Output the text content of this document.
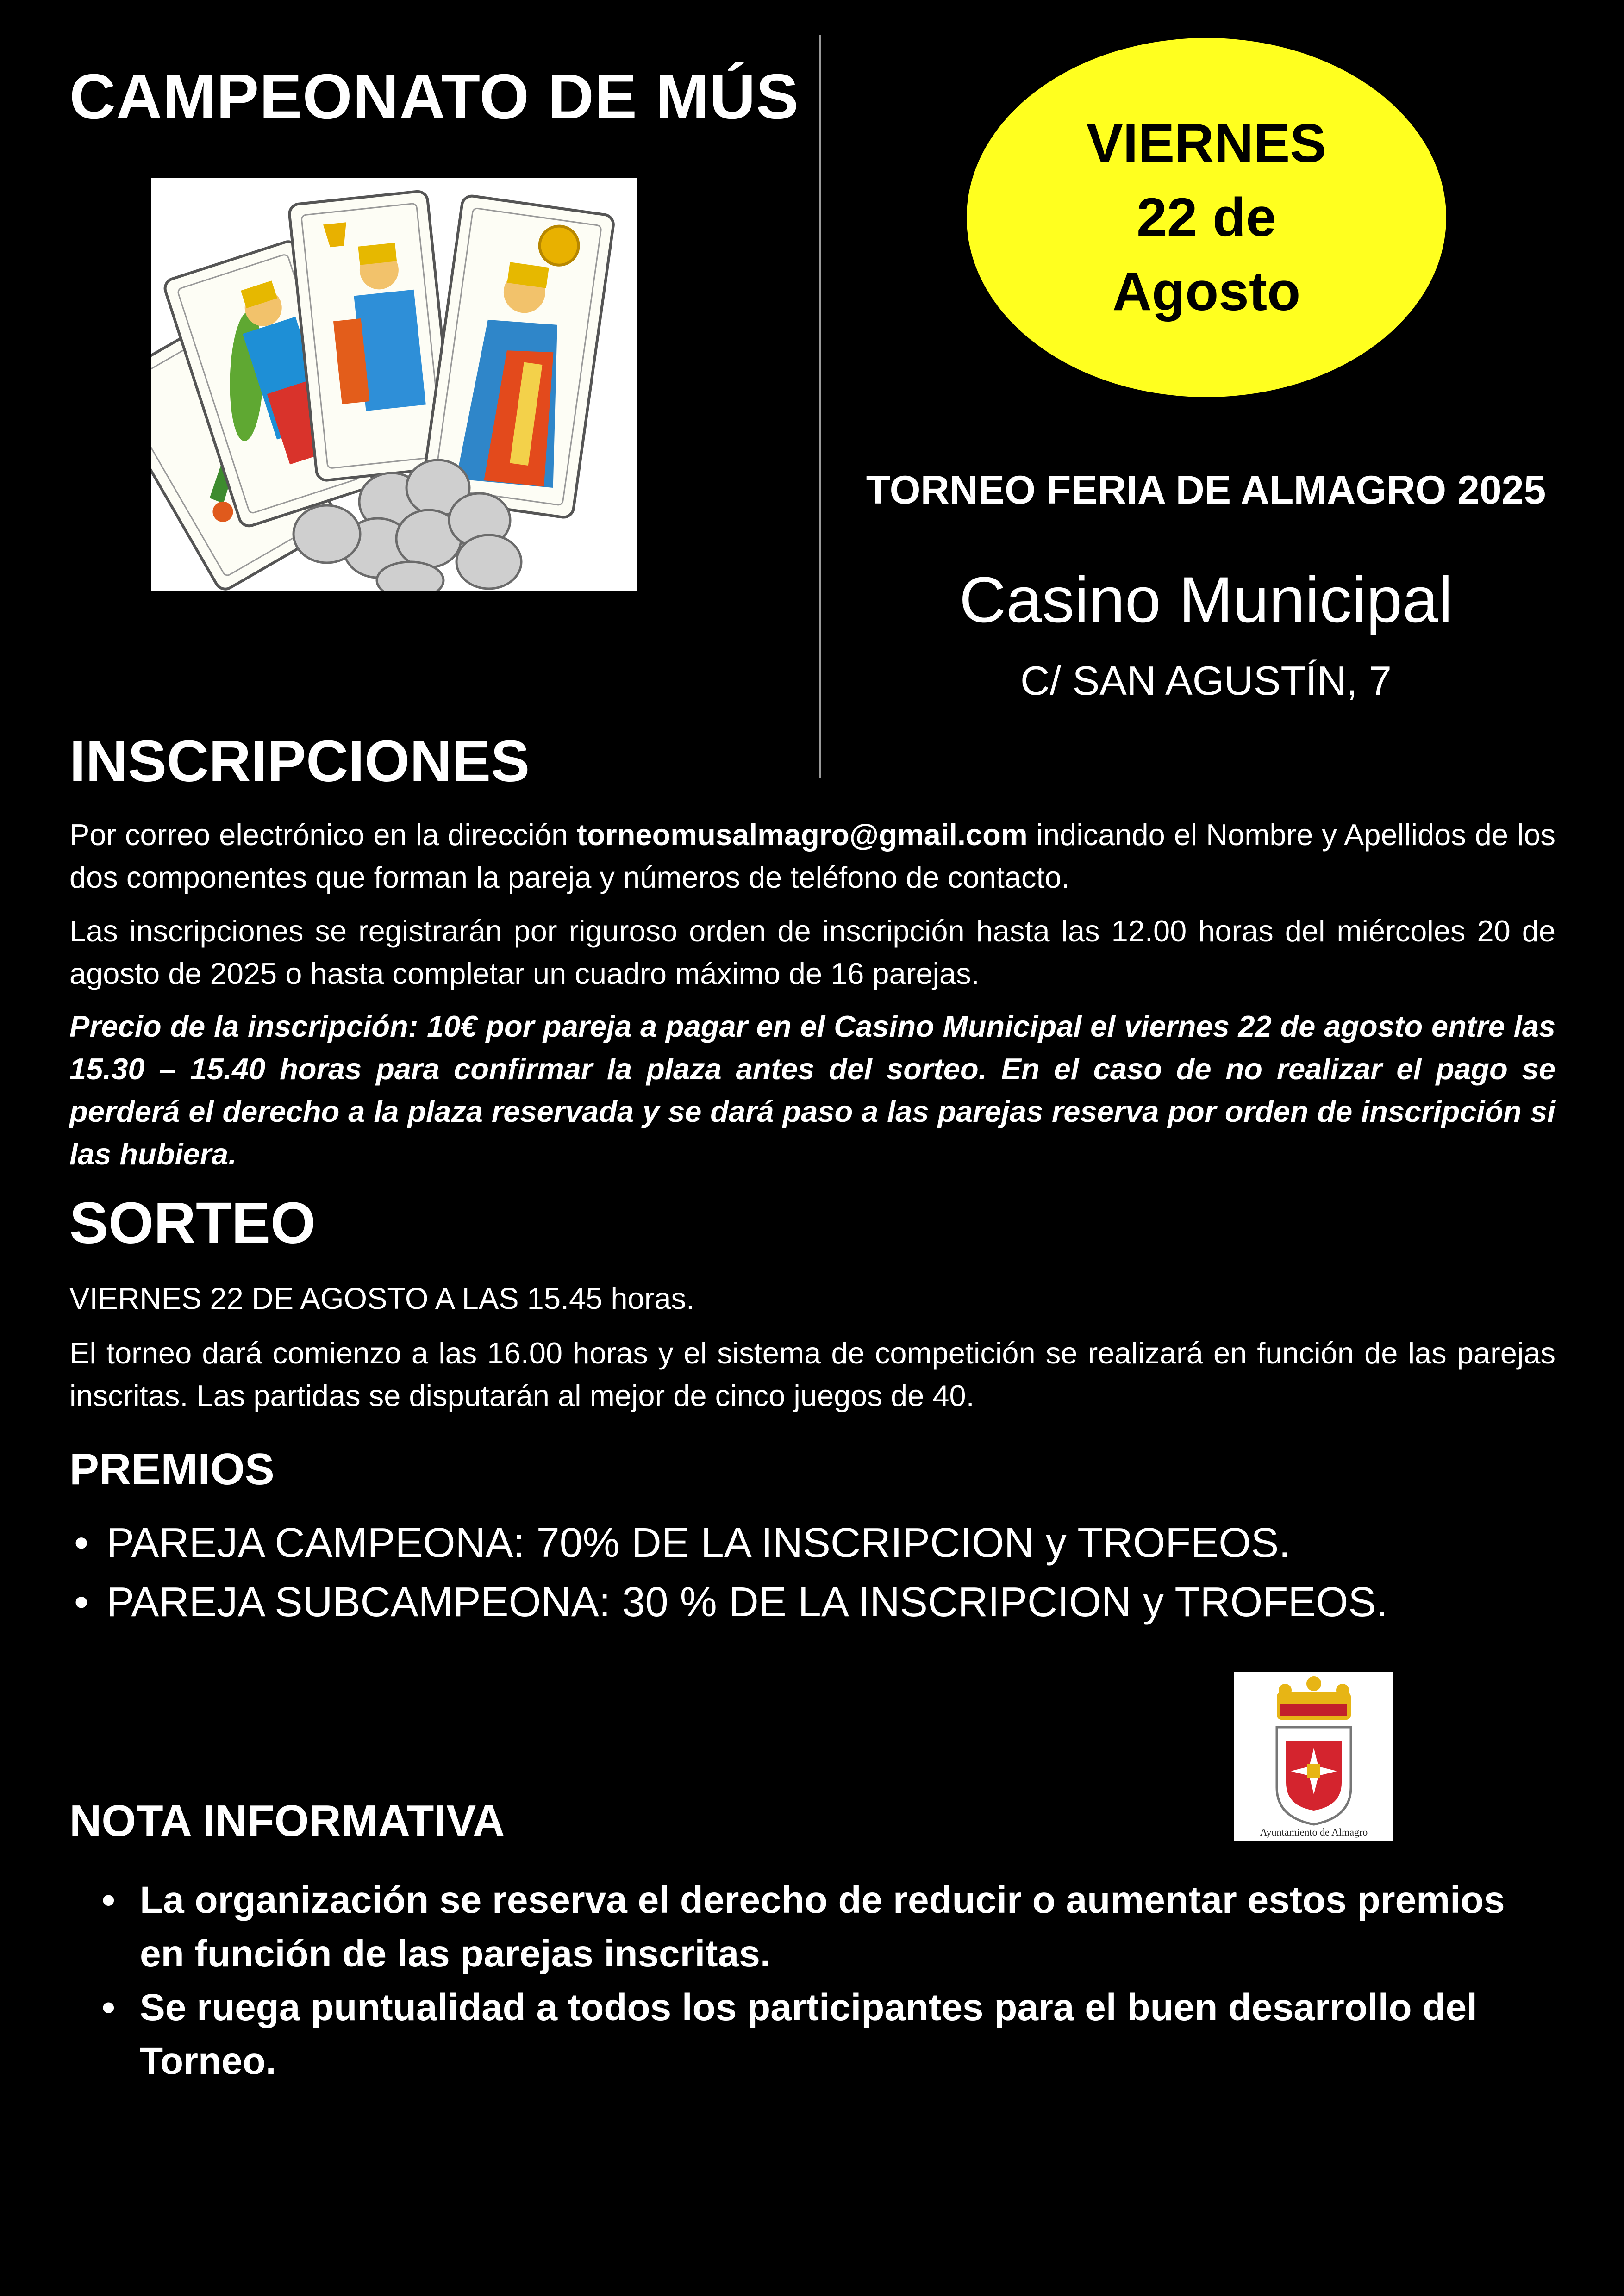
CAMPEONATO DE MÚS
VIERNES
22 de
Agosto
TORNEO FERIA DE ALMAGRO 2025
Casino Municipal
C/ SAN AGUSTÍN, 7
INSCRIPCIONES
Por correo electrónico en la dirección torneomusalmagro@gmail.com indicando el Nombre y Apellidos de los dos componentes que forman la pareja y números de teléfono de contacto.
Las inscripciones se registrarán por riguroso orden de inscripción hasta las 12.00 horas del miércoles 20 de agosto de 2025 o hasta completar un cuadro máximo de 16 parejas.
Precio de la inscripción: 10€ por pareja a pagar en el Casino Municipal el viernes 22 de agosto entre las 15.30 – 15.40 horas para confirmar la plaza antes del sorteo. En el caso de no realizar el pago se perderá el derecho a la plaza reservada y se dará paso a las parejas reserva por orden de inscripción si las hubiera.
SORTEO
VIERNES 22 DE AGOSTO A LAS 15.45 horas.
El torneo dará comienzo a las 16.00 horas y el sistema de competición se realizará en función de las parejas inscritas. Las partidas se disputarán al mejor de cinco juegos de 40.
PREMIOS
• PAREJA CAMPEONA: 70% DE LA INSCRIPCION y TROFEOS.
• PAREJA SUBCAMPEONA: 30 % DE LA INSCRIPCION y TROFEOS.
Ayuntamiento de Almagro
NOTA INFORMATIVA
• La organización se reserva el derecho de reducir o aumentar estos premios en función de las parejas inscritas.
• Se ruega puntualidad a todos los participantes para el buen desarrollo del Torneo.
